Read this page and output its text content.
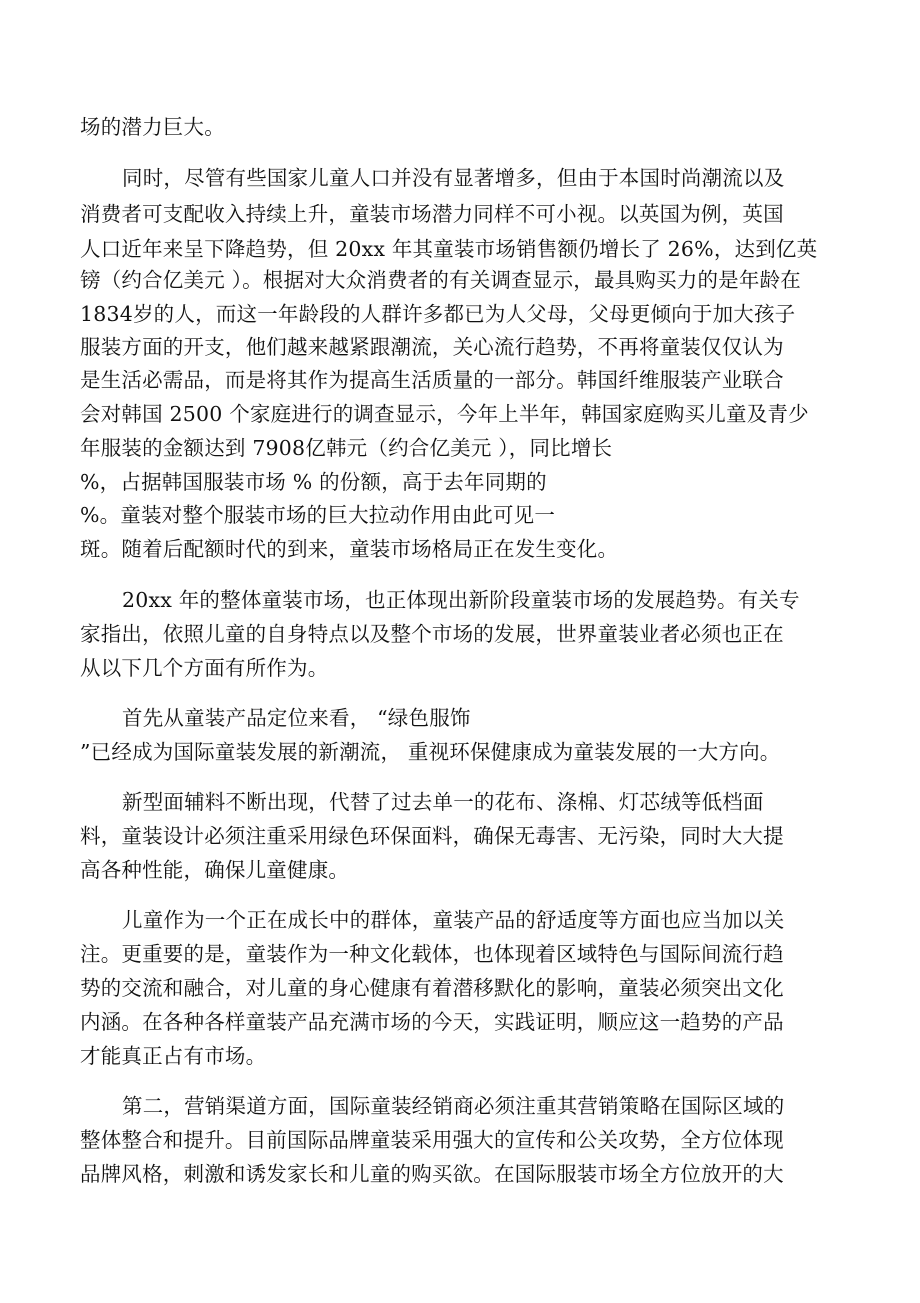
场的潜力巨大。
同时，尽管有些国家儿童人口并没有显著增多，但由于本国时尚潮流以及
消费者可支配收入持续上升，童装市场潜力同样不可小视。以英国为例，英国
人口近年来呈下降趋势，但 20xx 年其童装市场销售额仍增长了 26%，达到亿英
镑（约合亿美元 ）。根据对大众消费者的有关调查显示，最具购买力的是年龄在
1834岁的人，而这一年龄段的人群许多都已为人父母，父母更倾向于加大孩子
服装方面的开支，他们越来越紧跟潮流，关心流行趋势，不再将童装仅仅认为
是生活必需品，而是将其作为提高生活质量的一部分。韩国纤维服装产业联合
会对韩国 2500 个家庭进行的调查显示，今年上半年，韩国家庭购买儿童及青少
年服装的金额达到 7908亿韩元（约合亿美元 ），同比增长
%，占据韩国服装市场 % 的份额，高于去年同期的
%。童装对整个服装市场的巨大拉动作用由此可见一
斑。随着后配额时代的到来，童装市场格局正在发生变化。
20xx 年的整体童装市场，也正体现出新阶段童装市场的发展趋势。有关专
家指出，依照儿童的自身特点以及整个市场的发展，世界童装业者必须也正在
从以下几个方面有所作为。
首先从童装产品定位来看， “绿色服饰
”已经成为国际童装发展的新潮流， 重视环保健康成为童装发展的一大方向。
新型面辅料不断出现，代替了过去单一的花布、涤棉、灯芯绒等低档面
料，童装设计必须注重采用绿色环保面料，确保无毒害、无污染，同时大大提
高各种性能，确保儿童健康。
儿童作为一个正在成长中的群体，童装产品的舒适度等方面也应当加以关
注。更重要的是，童装作为一种文化载体，也体现着区域特色与国际间流行趋
势的交流和融合，对儿童的身心健康有着潜移默化的影响，童装必须突出文化
内涵。在各种各样童装产品充满市场的今天，实践证明，顺应这一趋势的产品
才能真正占有市场。
第二，营销渠道方面，国际童装经销商必须注重其营销策略在国际区域的
整体整合和提升。目前国际品牌童装采用强大的宣传和公关攻势，全方位体现
品牌风格，刺激和诱发家长和儿童的购买欲。在国际服装市场全方位放开的大
